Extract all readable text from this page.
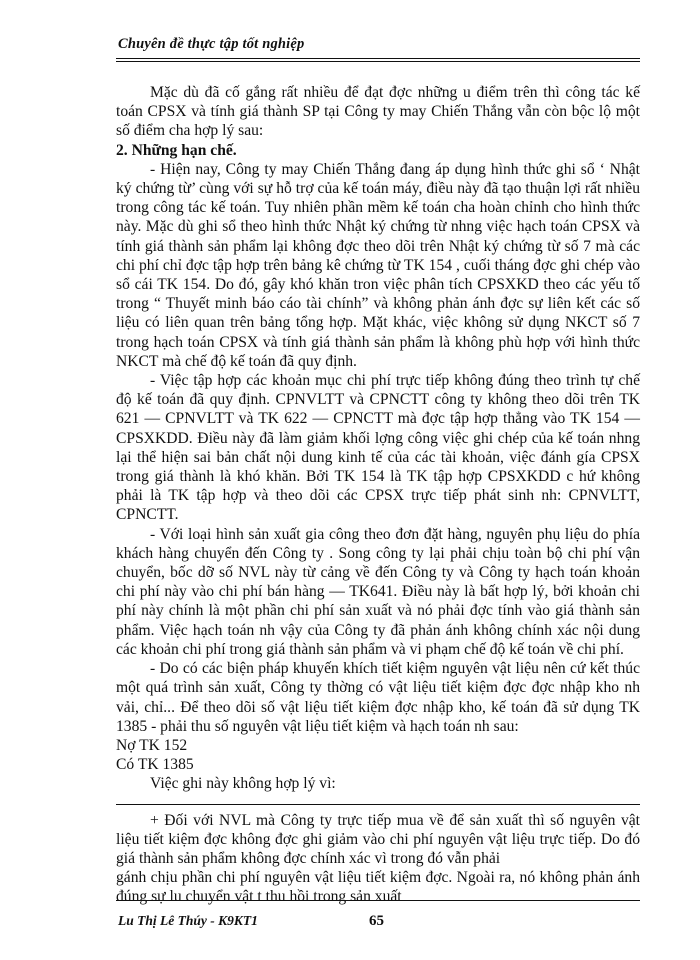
Chuyên đề thực tập tốt nghiệp

Mặc dù đã cố gắng rất nhiều để đạt đợc những u điểm trên thì công tác kế toán CPSX và tính giá thành SP tại Công ty may Chiến Thắng vẫn còn bộc lộ một số điểm cha hợp lý sau:

2. Những hạn chế.

- Hiện nay, Công ty may Chiến Thắng đang áp dụng hình thức ghi sổ ‘ Nhật ký chứng từ’ cùng với sự hỗ trợ của kế toán máy, điều này đã tạo thuận lợi rất nhiều trong công tác kế toán. Tuy nhiên phần mềm kế toán cha hoàn chỉnh cho hình thức này. Mặc dù ghi sổ theo hình thức Nhật ký chứng từ nhng việc hạch toán CPSX và tính giá thành sản phẩm lại không đợc theo dõi trên Nhật ký chứng từ số 7 mà các chi phí chỉ đợc tập hợp trên bảng kê chứng từ TK 154 , cuối tháng đợc ghi chép vào sổ cái TK 154. Do đó, gây khó khăn tron việc phân tích CPSXKD theo các yếu tố trong “ Thuyết minh báo cáo tài chính” và không phản ánh đợc sự liên kết các số liệu có liên quan trên bảng tổng hợp. Mặt khác, việc không sử dụng NKCT số 7 trong hạch toán CPSX và tính giá thành sản phẩm là không phù hợp với hình thức NKCT mà chế độ kế toán đã quy định.

- Việc tập hợp các khoản mục chi phí trực tiếp không đúng theo trình tự chế độ kế toán đã quy định. CPNVLTT và CPNCTT công ty không theo dõi trên TK 621 — CPNVLTT và TK 622 — CPNCTT mà đợc tập hợp thẳng vào TK 154 — CPSXKDD. Điều này đã làm giảm khối lợng công việc ghi chép của kế toán nhng lại thể hiện sai bản chất nội dung kinh tế của các tài khoản, việc đánh gía CPSX trong giá thành là khó khăn. Bởi TK 154 là TK tập hợp CPSXKDD c hứ không phải là TK tập hợp và theo dõi các CPSX trực tiếp phát sinh nh: CPNVLTT, CPNCTT.

- Với loại hình sản xuất gia công theo đơn đặt hàng, nguyên phụ liệu do phía khách hàng chuyển đến Công ty . Song công ty lại phải chịu toàn bộ chi phí vận chuyển, bốc dỡ số NVL này từ cảng về đến Công ty và Công ty hạch toán khoản chi phí này vào chi phí bán hàng — TK641. Điều này là bất hợp lý, bởi khoản chi phí này chính là một phần chi phí sản xuất và nó phải đợc tính vào giá thành sản phẩm. Việc hạch toán nh vậy của Công ty đã phản ánh không chính xác nội dung các khoản chi phí trong giá thành sản phẩm và vi phạm chế độ kế toán về chi phí.

- Do có các biện pháp khuyến khích tiết kiệm nguyên vật liệu nên cứ kết thúc một quá trình sản xuất, Công ty thờng có vật liệu tiết kiệm đợc đợc nhập kho nh vải, chỉ... Để theo dõi số vật liệu tiết kiệm đợc nhập kho, kế toán đã sử dụng TK 1385 - phải thu số nguyên vật liệu tiết kiệm và hạch toán nh sau:

Nợ TK 152

Có TK 1385

Việc ghi này không hợp lý vì:

+ Đối với NVL mà Công ty trực tiếp mua về để sản xuất thì số nguyên vật liệu tiết kiệm đợc không đợc ghi giảm vào chi phí nguyên vật liệu trực tiếp. Do đó giá thành sản phẩm không đợc chính xác vì trong đó vẫn phải

gánh chịu phần chi phí nguyên vật liệu tiết kiệm đợc. Ngoài ra, nó không phản ánh đúng sự lu chuyển vật t thu hồi trong sản xuất

Lu Thị Lê Thúy - K9KT1	65
